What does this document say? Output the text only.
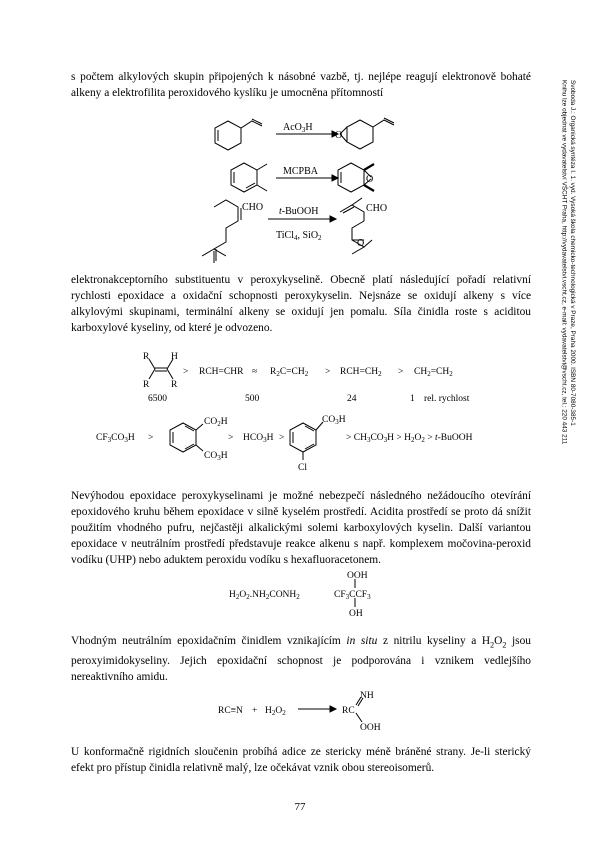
s počtem alkylových skupin připojených k násobné vazbě, tj. nejlépe reagují elektronově bohaté alkeny a elektrofilita peroxidového kyslíku je umocněna přítomností

AcO$_3$H
MCPBA
t-BuOOH
TiCl$_4$, SiO$_2$
O
O
CHO	CHO
O

elektronakceptorního substituentu v peroxykyselině. Obecně platí následující pořadí relativní rychlosti epoxidace a oxidační schopnosti peroxykyselin. Nejsnáze se oxidují alkeny s více alkylovými skupinami, terminální alkeny se oxidují jen pomalu. Síla činidla roste s aciditou karboxylové kyseliny, od které je odvozeno.

R H
R R
> $RCH=CHR \approx R_2C=CH_2 > RCH=CH_2 > CH_2=CH_2$
6500	500	24	1 rel. rychlost
$CF_3CO_3H$ >
$CO_2H$
$CO_3H$
> $HCO_3H$ >
$CO_3H$
Cl
> $CH_3CO_3H > H_2O_2$ > t-BuOOH

Nevýhodou epoxidace peroxykyselinami je možné nebezpečí následného nežádoucího otevírání epoxidového kruhu během epoxidace v silně kyselém prostředí. Acidita prostředí se proto dá snížit použitím vhodného pufru, nejčastěji alkalickými solemi karboxylových kyselin. Další variantou epoxidace v neutrálním prostředí představuje reakce alkenu s např. komplexem močovina-peroxid vodíku (UHP) nebo aduktem peroxidu vodíku s hexafluoracetonem.

$H_2O_2.NH_2CONH_2$
OOH
$CF_3CCF_3$
OH

Vhodným neutrálním epoxidačním činidlem vznikajícím in situ z nitrilu kyseliny a $H_2O_2$ jsou peroxyimidokyseliny. Jejich epoxidační schopnost je podporována i vznikem vedlejšího nereaktivního amidu.

$RC\equiv N + H_2O_2$
NH
RC
OOH

U konformačně rigidních sloučenin probíhá adice ze stericky méně bráněné strany. Je-li sterický efekt pro přístup činidla relativně malý, lze očekávat vznik obou stereoisomerů.

77
Svoboda J.: Organická syntéza I. 1. vyd. Vysoká škola chemicko-technologická v Praze, Praha 2000. ISBN 80-7080-385-1
Knihu lze objednat ve vydavatelství VŠCHT Praha, http://vydavatelstvi.vscht.cz, e-mail: vydavatelstvi@vscht.cz, tel.: 220 443 211
